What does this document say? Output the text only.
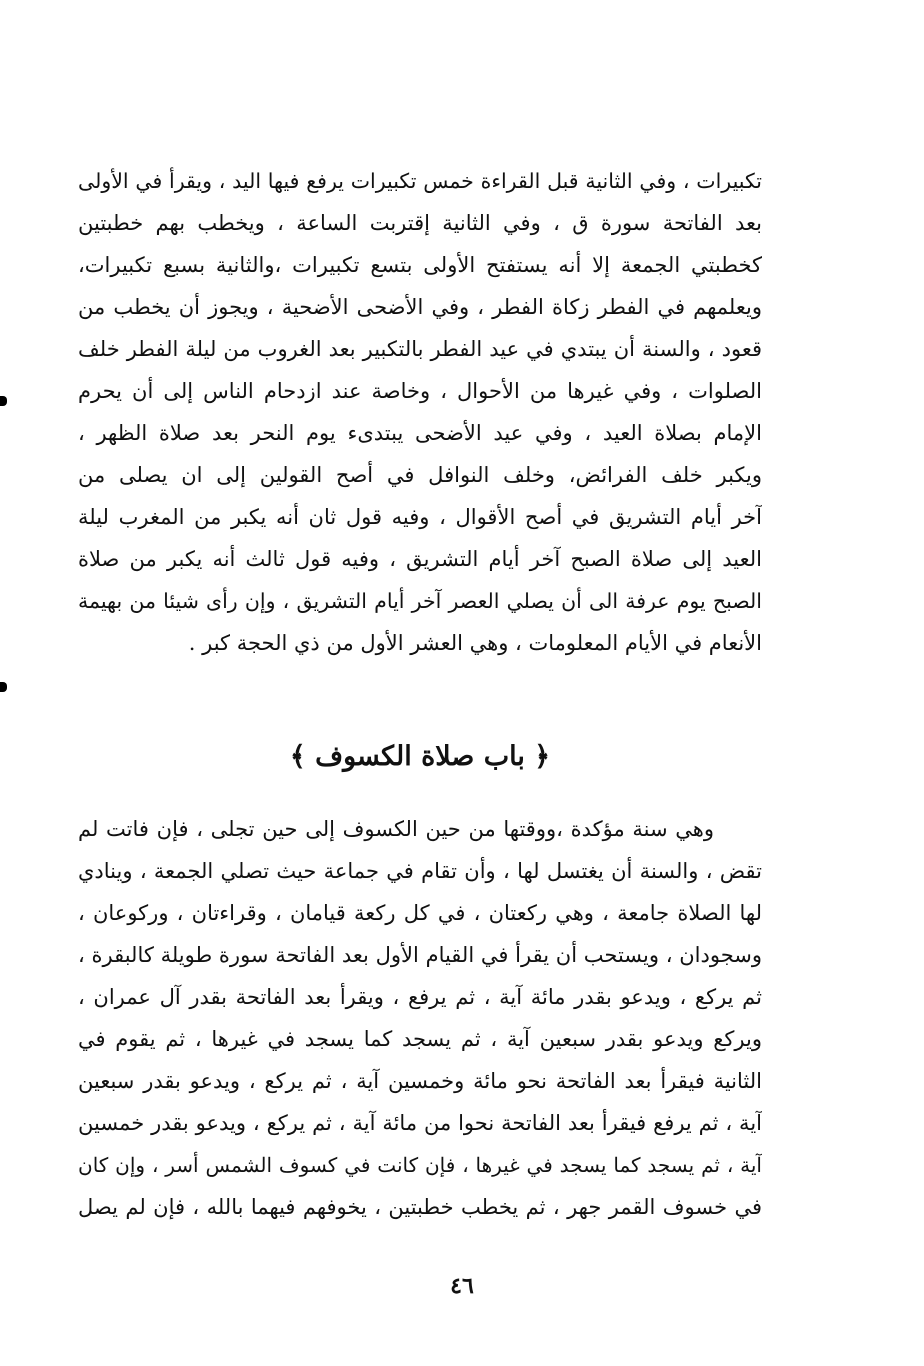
تكبيرات ، وفي الثانية قبل القراءة خمس تكبيرات يرفع فيها اليد ، ويقرأ في الأولى
بعد الفاتحة سورة ق ، وفي الثانية إقتربت الساعة ، ويخطب بهم خطبتين
كخطبتي الجمعة إلا أنه يستفتح الأولى بتسع تكبيرات ،والثانية بسبع تكبيرات،
ويعلمهم في الفطر زكاة الفطر ، وفي الأضحى الأضحية ، ويجوز أن يخطب من
قعود ، والسنة أن يبتدي في عيد الفطر بالتكبير بعد الغروب من ليلة الفطر خلف
الصلوات ، وفي غيرها من الأحوال ، وخاصة عند ازدحام الناس إلى أن يحرم
الإمام بصلاة العيد ، وفي عيد الأضحى يبتدىء يوم النحر بعد صلاة الظهر ،
ويكبر خلف الفرائض، وخلف النوافل في أصح القولين إلى ان يصلى من
آخر أيام التشريق في أصح الأقوال ، وفيه قول ثان أنه يكبر من المغرب ليلة
العيد إلى صلاة الصبح آخر أيام التشريق ، وفيه قول ثالث أنه يكبر من صلاة
الصبح يوم عرفة الى أن يصلي العصر آخر أيام التشريق ، وإن رأى شيئا من بهيمة
الأنعام في الأيام المعلومات ، وهي العشر الأول من ذي الحجة كبر .
﴿ باب صلاة الكسوف ﴾
وهي سنة مؤكدة ،ووقتها من حين الكسوف إلى حين تجلى ، فإن فاتت لم
تقض ، والسنة أن يغتسل لها ، وأن تقام في جماعة حيث تصلي الجمعة ، وينادي
لها الصلاة جامعة ، وهي ركعتان ، في كل ركعة قيامان ، وقراءتان ، وركوعان ،
وسجودان ، ويستحب أن يقرأ في القيام الأول بعد الفاتحة سورة طويلة كالبقرة ،
ثم يركع ، ويدعو بقدر مائة آية ، ثم يرفع ، ويقرأ بعد الفاتحة بقدر آل عمران ،
ويركع ويدعو بقدر سبعين آية ، ثم يسجد كما يسجد في غيرها ، ثم يقوم في
الثانية فيقرأ بعد الفاتحة نحو مائة وخمسين آية ، ثم يركع ، ويدعو بقدر سبعين
آية ، ثم يرفع فيقرأ بعد الفاتحة نحوا من مائة آية ، ثم يركع ، ويدعو بقدر خمسين
آية ، ثم يسجد كما يسجد في غيرها ، فإن كانت في كسوف الشمس أسر ، وإن كان
في خسوف القمر جهر ، ثم يخطب خطبتين ، يخوفهم فيهما بالله ، فإن لم يصل
٤٦
